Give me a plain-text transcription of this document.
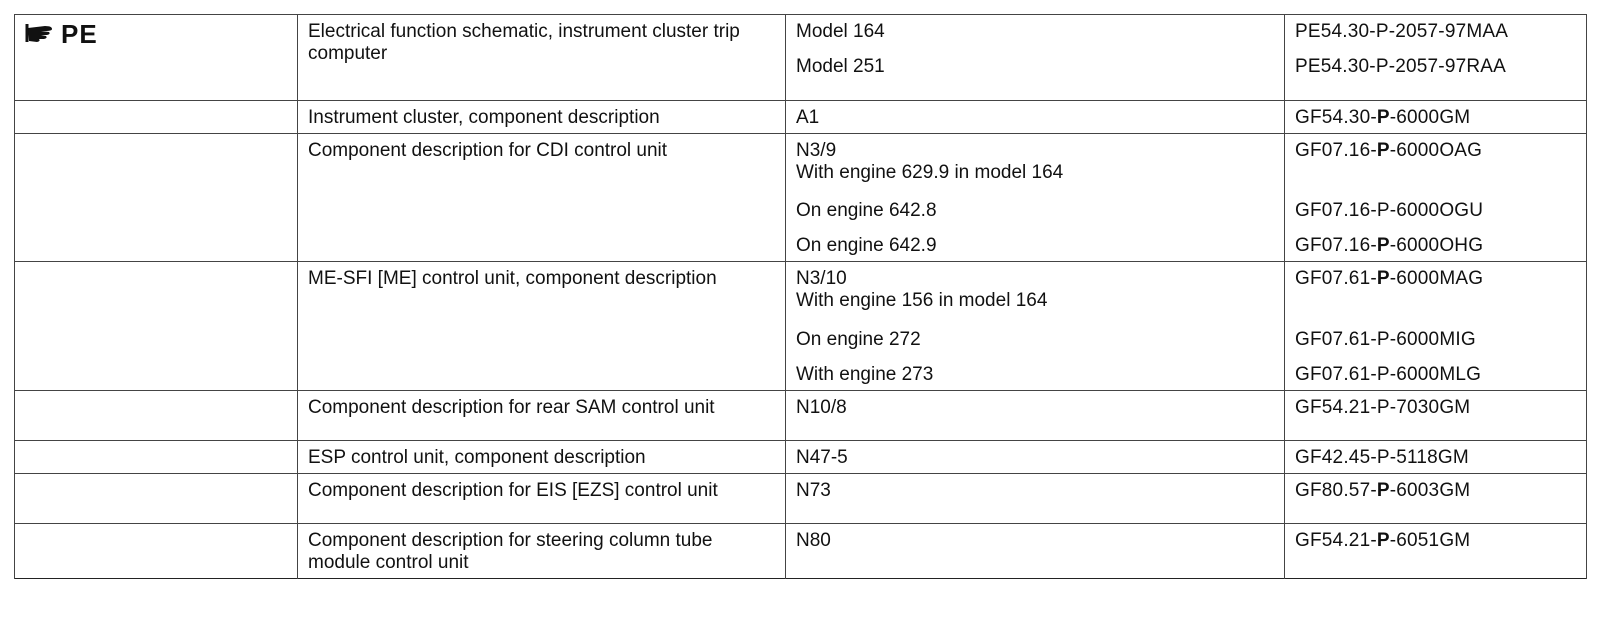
PE	Electrical function schematic, instrument cluster trip computer	Model 164	PE54.30-P-2057-97MAA

		Model 251	PE54.30-P-2057-97RAA
	Instrument cluster, component description	A1	GF54.30-P-6000GM
	Component description for CDI control unit	N3/9
With engine 629.9 in model 164	GF07.16-P-6000OAG

		On engine 642.8	GF07.16-P-6000OGU

		On engine 642.9	GF07.16-P-6000OHG
	ME-SFI [ME] control unit, component description	N3/10
With engine 156 in model 164	GF07.61-P-6000MAG

		On engine 272	GF07.61-P-6000MIG

		With engine 273	GF07.61-P-6000MLG
	Component description for rear SAM control unit	N10/8	GF54.21-P-7030GM
	ESP control unit, component description	N47-5	GF42.45-P-5118GM
	Component description for EIS [EZS] control unit	N73	GF80.57-P-6003GM
	Component description for steering column tube module control unit	N80	GF54.21-P-6051GM
